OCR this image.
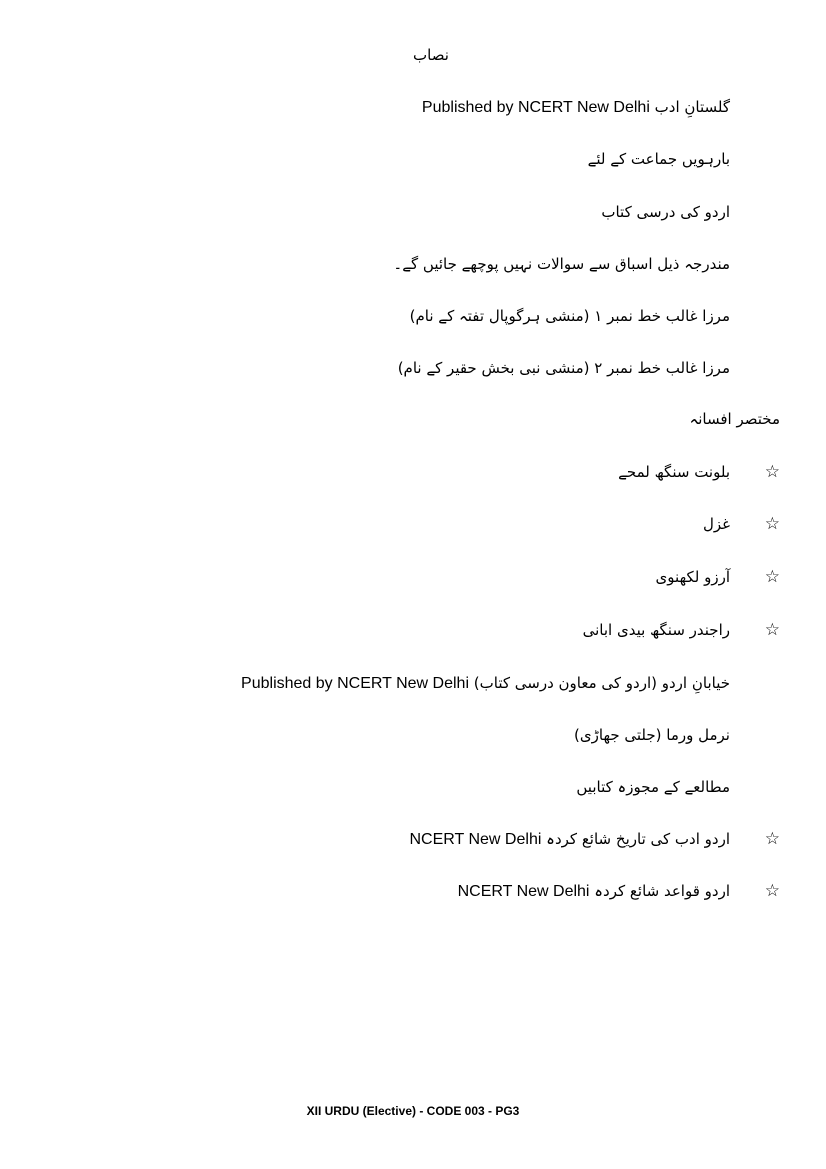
نصاب
گلستانِ ادب Published by NCERT New Delhi
بارہویں جماعت کے لئے
اردو کی درسی کتاب
مندرجہ ذیل اسباق سے سوالات نہیں پوچھے جائیں گے۔
مرزا غالب خط نمبر ۱ (منشی ہرگوپال تفتہ کے نام)
مرزا غالب خط نمبر ۲ (منشی نبی بخش حقیر کے نام)
مختصر افسانہ
☆
بلونت سنگھ لمحے
☆
غزل
☆
آرزو لکھنوی
☆
راجندر سنگھ بیدی ابانی
خیابانِ اردو (اردو کی معاون درسی کتاب) Published by NCERT New Delhi
نرمل ورما (جلتی جھاڑی)
مطالعے کے مجوزہ کتابیں
☆
اردو ادب کی تاریخ شائع کردہ NCERT New Delhi
☆
اردو قواعد شائع کردہ NCERT New Delhi
XII URDU (Elective) - CODE 003 - PG3
